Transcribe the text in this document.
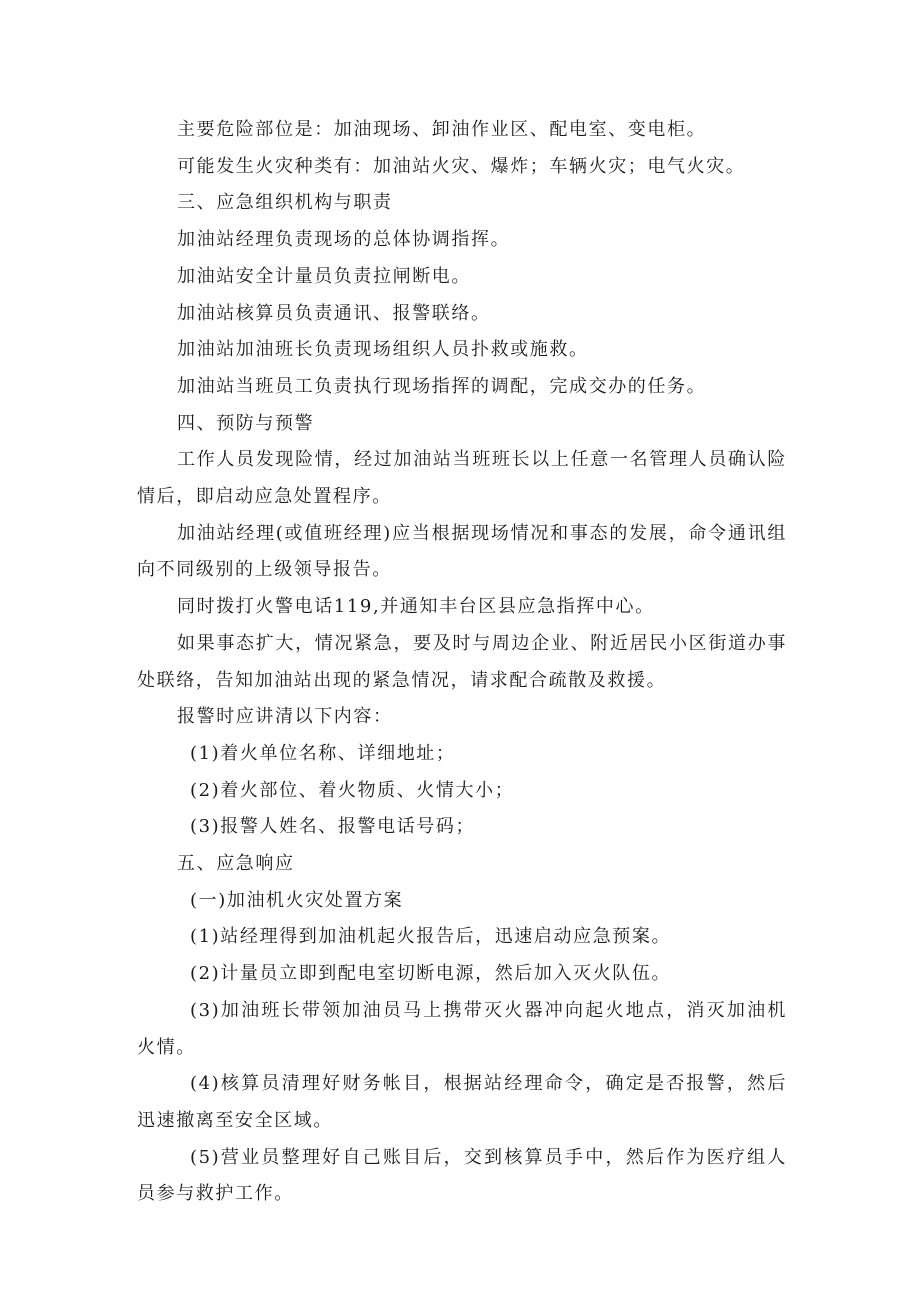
主要危险部位是：加油现场、卸油作业区、配电室、变电柜。

可能发生火灾种类有：加油站火灾、爆炸；车辆火灾；电气火灾。

三、应急组织机构与职责

加油站经理负责现场的总体协调指挥。

加油站安全计量员负责拉闸断电。

加油站核算员负责通讯、报警联络。

加油站加油班长负责现场组织人员扑救或施救。

加油站当班员工负责执行现场指挥的调配，完成交办的任务。

四、预防与预警

工作人员发现险情，经过加油站当班班长以上任意一名管理人员确认险情后，即启动应急处置程序。

加油站经理(或值班经理)应当根据现场情况和事态的发展，命令通讯组向不同级别的上级领导报告。

同时拨打火警电话119,并通知丰台区县应急指挥中心。

如果事态扩大，情况紧急，要及时与周边企业、附近居民小区街道办事处联络，告知加油站出现的紧急情况，请求配合疏散及救援。

报警时应讲清以下内容：

(1)着火单位名称、详细地址；

(2)着火部位、着火物质、火情大小；

(3)报警人姓名、报警电话号码；

五、应急响应

(一)加油机火灾处置方案

(1)站经理得到加油机起火报告后，迅速启动应急预案。

(2)计量员立即到配电室切断电源，然后加入灭火队伍。

(3)加油班长带领加油员马上携带灭火器冲向起火地点，消灭加油机火情。

(4)核算员清理好财务帐目，根据站经理命令，确定是否报警，然后迅速撤离至安全区域。

(5)营业员整理好自己账目后，交到核算员手中，然后作为医疗组人员参与救护工作。
